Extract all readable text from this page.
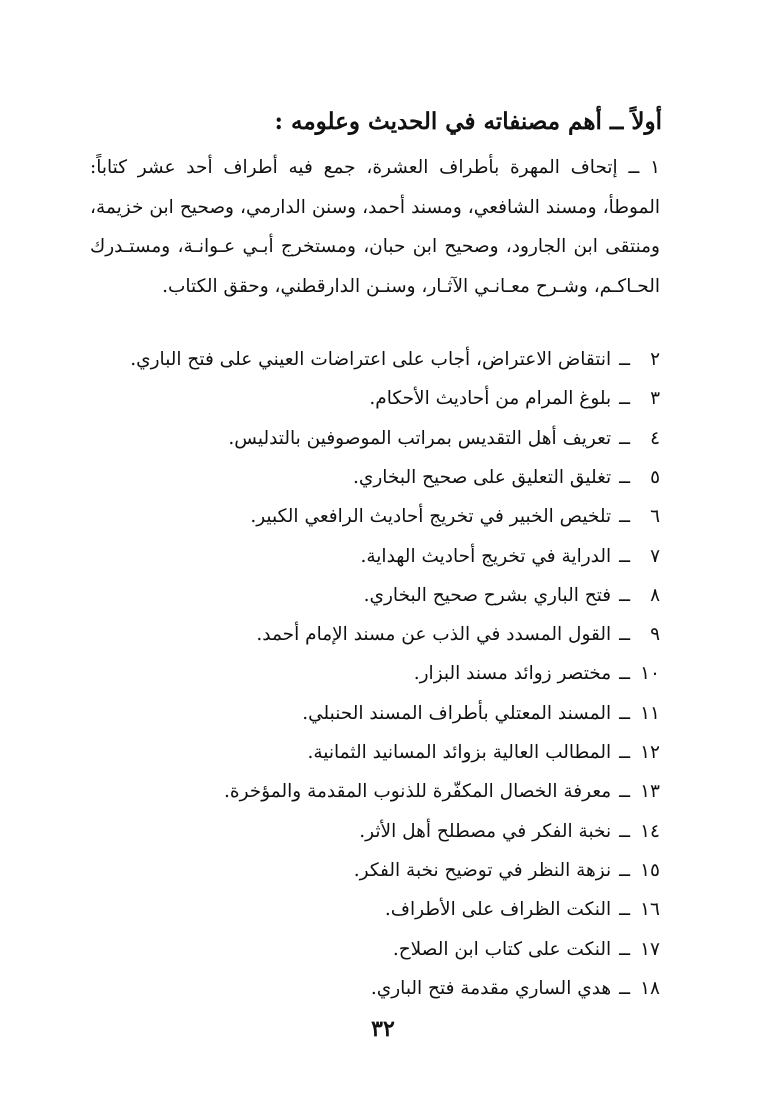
أولاً ــ أهم مصنفاته في الحديث وعلومه :
١ ــ إتحاف المهرة بأطراف العشرة، جمع فيه أطراف أحد عشر كتاباً: الموطأ، ومسند الشافعي، ومسند أحمد، وسنن الدارمي، وصحيح ابن خزيمة، ومنتقى ابن الجارود، وصحيح ابن حبان، ومستخرج أبـي عـوانـة، ومستـدرك الحـاكـم، وشـرح معـانـي الآثـار، وسنـن الدارقطني، وحقق الكتاب.
٢ــانتقاض الاعتراض، أجاب على اعتراضات العيني على فتح الباري.
٣ــبلوغ المرام من أحاديث الأحكام.
٤ــتعريف أهل التقديس بمراتب الموصوفين بالتدليس.
٥ــتغليق التعليق على صحيح البخاري.
٦ــتلخيص الخبير في تخريج أحاديث الرافعي الكبير.
٧ــالدراية في تخريج أحاديث الهداية.
٨ــفتح الباري بشرح صحيح البخاري.
٩ــالقول المسدد في الذب عن مسند الإمام أحمد.
١٠ــمختصر زوائد مسند البزار.
١١ــالمسند المعتلي بأطراف المسند الحنبلي.
١٢ــالمطالب العالية بزوائد المسانيد الثمانية.
١٣ــمعرفة الخصال المكفّرة للذنوب المقدمة والمؤخرة.
١٤ــنخبة الفكر في مصطلح أهل الأثر.
١٥ــنزهة النظر في توضيح نخبة الفكر.
١٦ــالنكت الظراف على الأطراف.
١٧ــالنكت على كتاب ابن الصلاح.
١٨ــهدي الساري مقدمة فتح الباري.
٣٢
